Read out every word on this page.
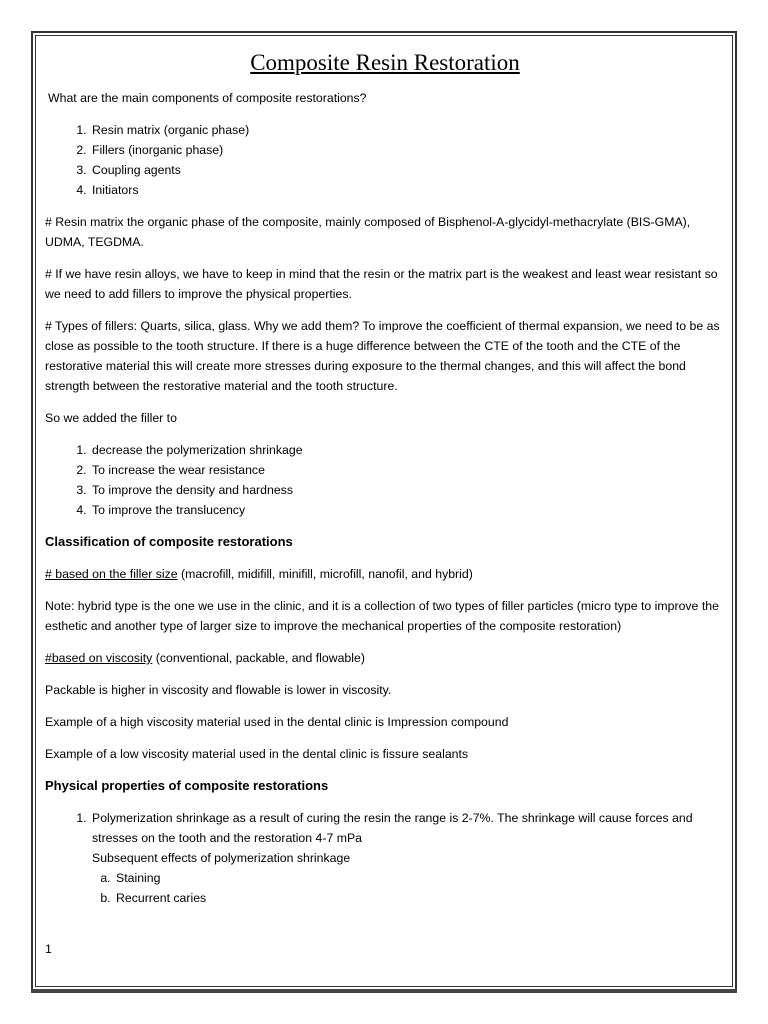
Composite Resin Restoration

What are the main components of composite restorations?

1. Resin matrix (organic phase)
2. Fillers (inorganic phase)
3. Coupling agents
4. Initiators

# Resin matrix the organic phase of the composite, mainly composed of Bisphenol-A-glycidyl-methacrylate (BIS-GMA), UDMA, TEGDMA.

# If we have resin alloys, we have to keep in mind that the resin or the matrix part is the weakest and least wear resistant so we need to add fillers to improve the physical properties.

# Types of fillers: Quarts, silica, glass. Why we add them? To improve the coefficient of thermal expansion, we need to be as close as possible to the tooth structure. If there is a huge difference between the CTE of the tooth and the CTE of the restorative material this will create more stresses during exposure to the thermal changes, and this will affect the bond strength between the restorative material and the tooth structure.

So we added the filler to

1. decrease the polymerization shrinkage
2. To increase the wear resistance
3. To improve the density and hardness
4. To improve the translucency

Classification of composite restorations

# based on the filler size (macrofill, midifill, minifill, microfill, nanofil, and hybrid)

Note: hybrid type is the one we use in the clinic, and it is a collection of two types of filler particles (micro type to improve the esthetic and another type of larger size to improve the mechanical properties of the composite restoration)

#based on viscosity (conventional, packable, and flowable)

Packable is higher in viscosity and flowable is lower in viscosity.

Example of a high viscosity material used in the dental clinic is Impression compound

Example of a low viscosity material used in the dental clinic is fissure sealants

Physical properties of composite restorations

1. Polymerization shrinkage as a result of curing the resin the range is 2-7%. The shrinkage will cause forces and stresses on the tooth and the restoration 4-7 mPa

Subsequent effects of polymerization shrinkage

a. Staining
b. Recurrent caries
1
